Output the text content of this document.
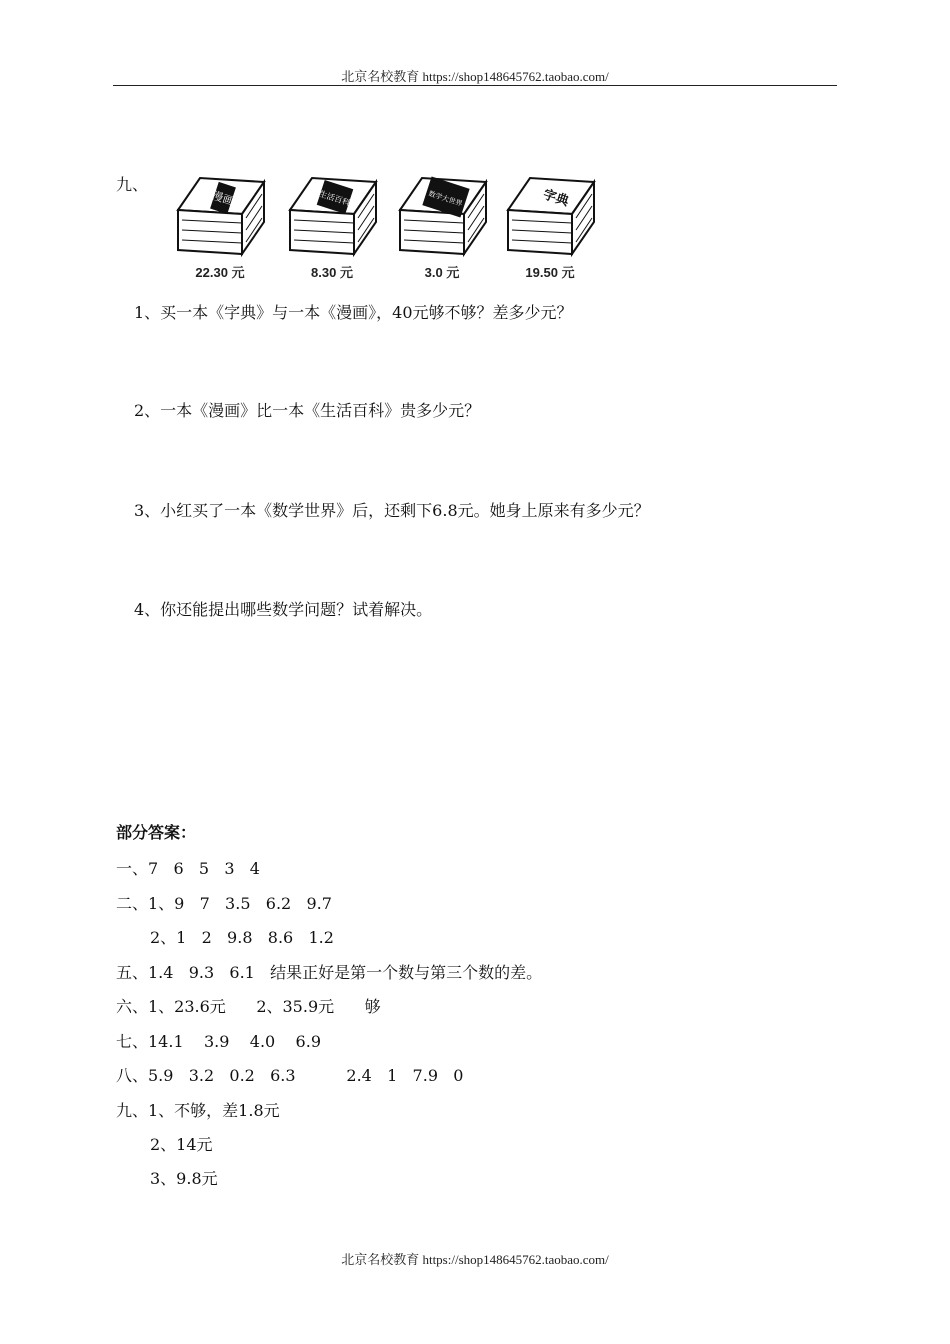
北京名校教育 https://shop148645762.taobao.com/
九、
漫画
22.30 元
生活百科
8.30 元
数学大世界
3.0 元
字典
19.50 元
1、买一本《字典》与一本《漫画》，40元够不够？差多少元？
2、一本《漫画》比一本《生活百科》贵多少元？
3、小红买了一本《数学世界》后，还剩下6.8元。她身上原来有多少元？
4、你还能提出哪些数学问题？试着解决。
部分答案：
一、7   6   5   3   4
二、1、9   7   3.5   6.2   9.7
2、1   2   9.8   8.6   1.2
五、1.4   9.3   6.1   结果正好是第一个数与第三个数的差。
六、1、23.6元      2、35.9元      够
七、14.1    3.9    4.0    6.9
八、5.9   3.2   0.2   6.3          2.4   1   7.9   0
九、1、不够，差1.8元
2、14元
3、9.8元
北京名校教育 https://shop148645762.taobao.com/
